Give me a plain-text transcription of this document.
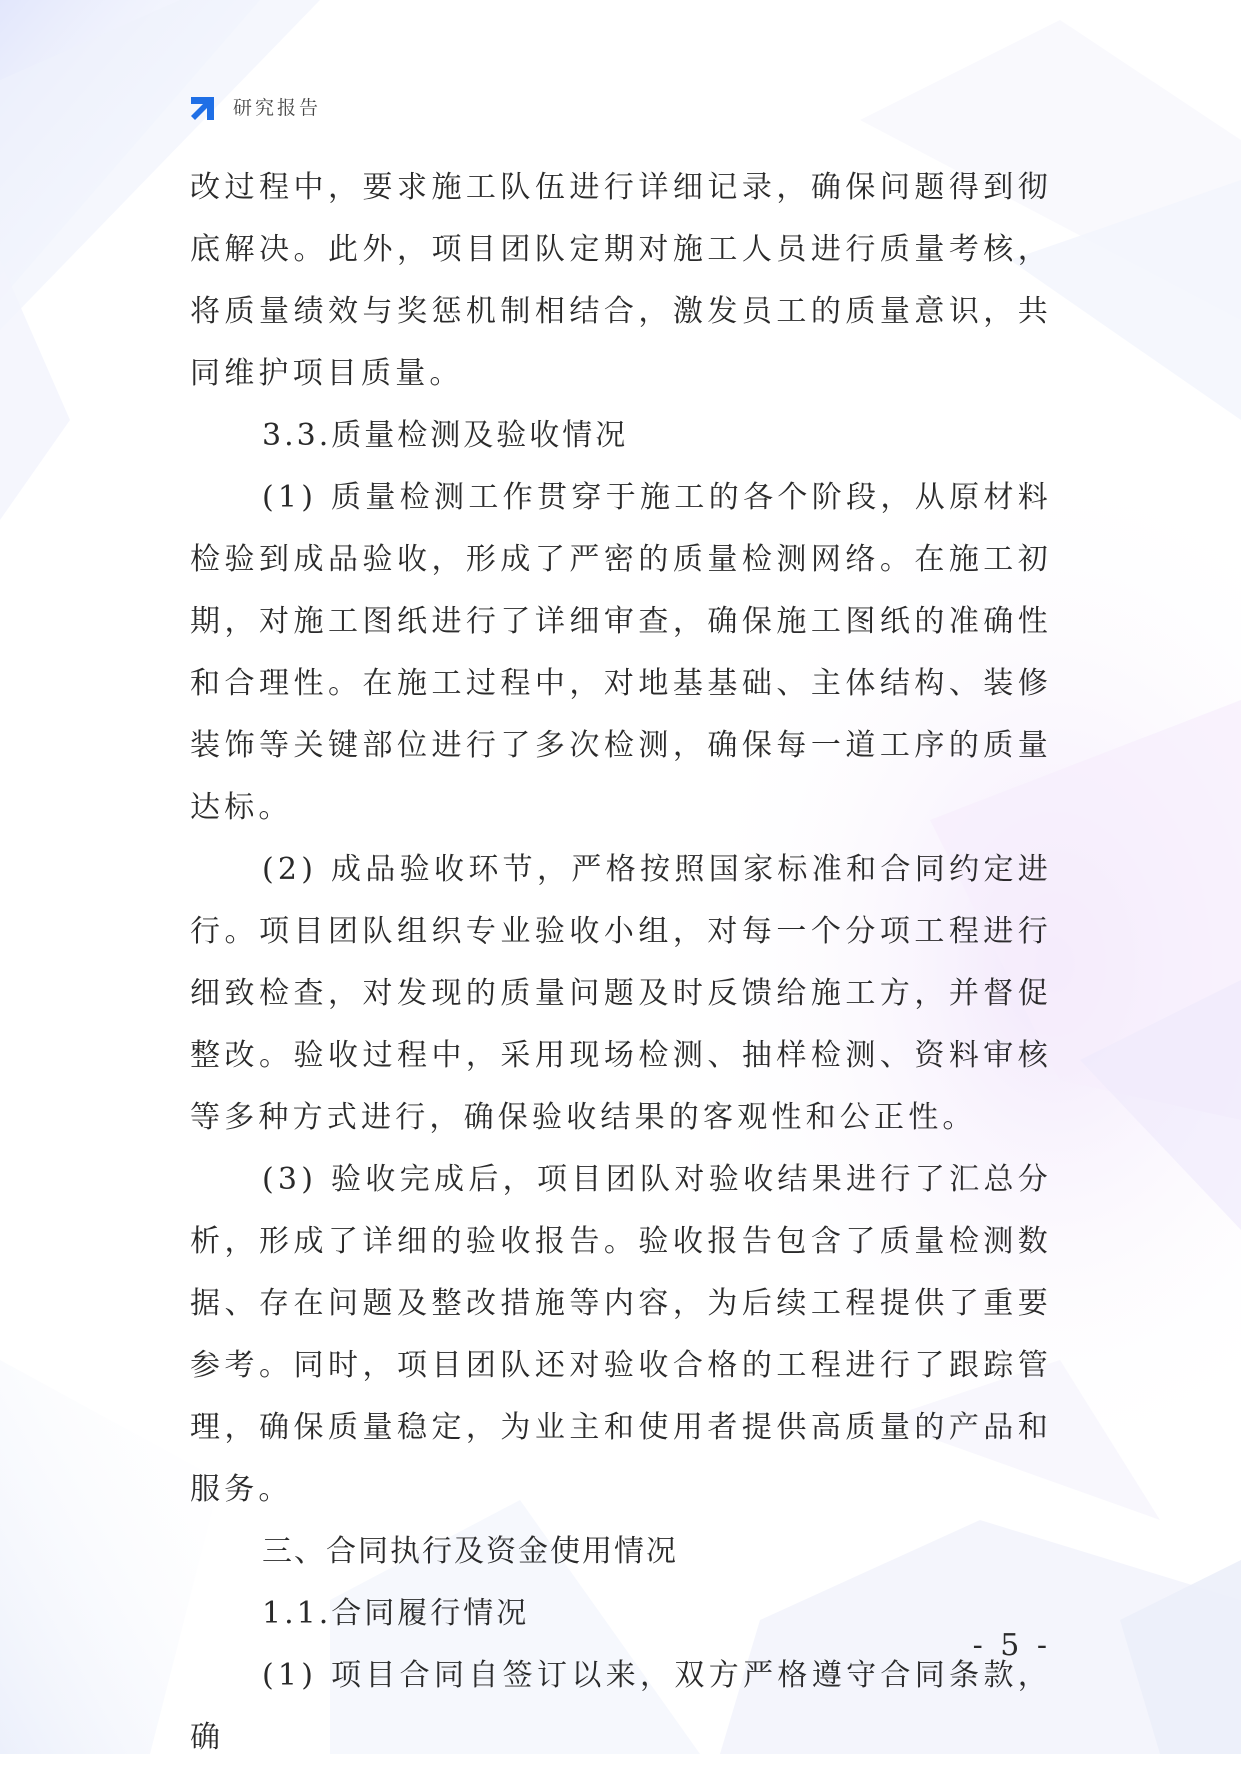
研究报告

改过程中，要求施工队伍进行详细记录，确保问题得到彻底解决。此外，项目团队定期对施工人员进行质量考核，将质量绩效与奖惩机制相结合，激发员工的质量意识，共同维护项目质量。

3.3.质量检测及验收情况

(1) 质量检测工作贯穿于施工的各个阶段，从原材料检验到成品验收，形成了严密的质量检测网络。在施工初期，对施工图纸进行了详细审查，确保施工图纸的准确性和合理性。在施工过程中，对地基基础、主体结构、装修装饰等关键部位进行了多次检测，确保每一道工序的质量达标。

(2) 成品验收环节，严格按照国家标准和合同约定进行。项目团队组织专业验收小组，对每一个分项工程进行细致检查，对发现的质量问题及时反馈给施工方，并督促整改。验收过程中，采用现场检测、抽样检测、资料审核等多种方式进行，确保验收结果的客观性和公正性。

(3) 验收完成后，项目团队对验收结果进行了汇总分析，形成了详细的验收报告。验收报告包含了质量检测数据、存在问题及整改措施等内容，为后续工程提供了重要参考。同时，项目团队还对验收合格的工程进行了跟踪管理，确保质量稳定，为业主和使用者提供高质量的产品和服务。

三、合同执行及资金使用情况

1.1.合同履行情况

(1) 项目合同自签订以来，双方严格遵守合同条款，确

- 5 -
